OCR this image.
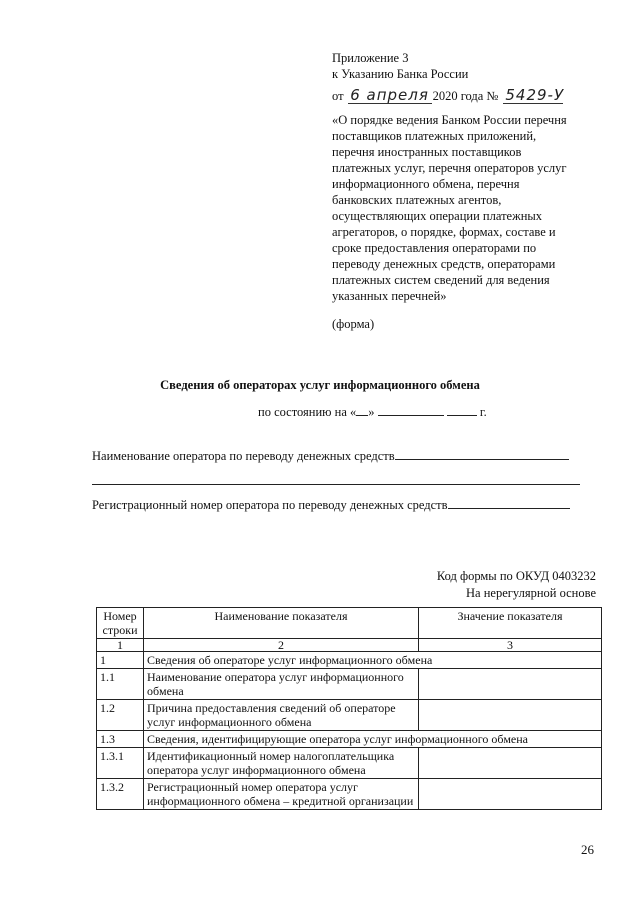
Приложение 3
к Указанию Банка России
от 6 апреля 2020 года № 5429-У
«О порядке ведения Банком России перечня
поставщиков платежных приложений,
перечня иностранных поставщиков
платежных услуг, перечня операторов услуг
информационного обмена, перечня
банковских платежных агентов,
осуществляющих операции платежных
агрегаторов, о порядке, формах, составе и
сроке предоставления операторами по
переводу денежных средств, операторами
платежных систем сведений для ведения
указанных перечней»
(форма)
Сведения об операторах услуг информационного обмена
по состоянию на « »	г.
Наименование оператора по переводу денежных средств
Регистрационный номер оператора по переводу денежных средств
Код формы по ОКУД 0403232
На нерегулярной основе
Номер строки	Наименование показателя	Значение показателя
1	2	3
1	Сведения об операторе услуг информационного обмена	
1.1	Наименование оператора услуг информационного обмена	
1.2	Причина предоставления сведений об операторе услуг информационного обмена	
1.3	Сведения, идентифицирующие оператора услуг информационного обмена	
1.3.1	Идентификационный номер налогоплательщика оператора услуг информационного обмена	
1.3.2	Регистрационный номер оператора услуг информационного обмена – кредитной организации	
26
